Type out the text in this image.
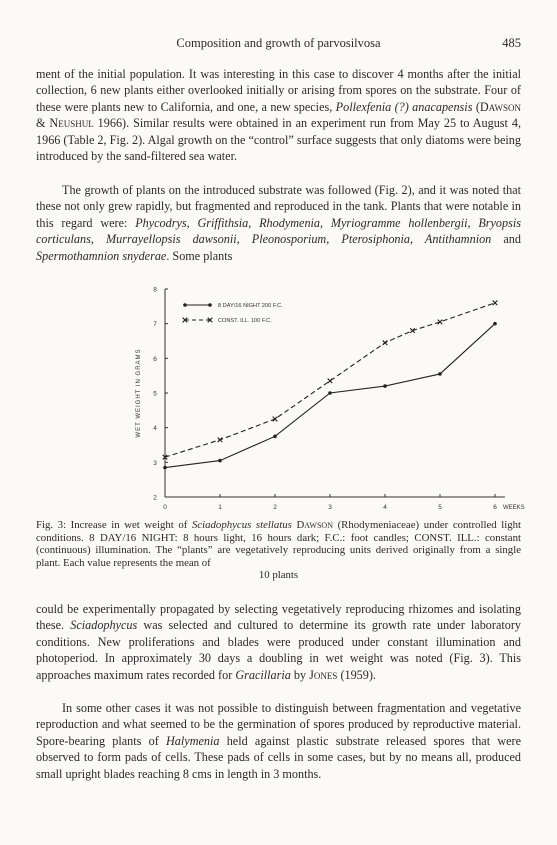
Composition and growth of parvosilvosa	485

ment of the initial population. It was interesting in this case to discover 4 months after the initial collection, 6 new plants either overlooked initially or arising from spores on the substrate. Four of these were plants new to California, and one, a new species, Pollexfenia (?) anacapensis (Dawson & Neushul 1966). Similar results were obtained in an experiment run from May 25 to August 4, 1966 (Table 2, Fig. 2). Algal growth on the “control” surface suggests that only diatoms were being introduced by the sand-filtered sea water.

The growth of plants on the introduced substrate was followed (Fig. 2), and it was noted that these not only grew rapidly, but fragmented and reproduced in the tank. Plants that were notable in this regard were: Phycodrys, Griffithsia, Rhodymenia, Myriogramme hollenbergii, Bryopsis corticulans, Murrayellopsis dawsonii, Pleonosporium, Pterosiphonia, Antithamnion and Spermothamnion snyderae. Some plants

0	1	2	3	4	5	6 WEEKS
2
3
4
5
6
7
8
WET WEIGHT IN GRAMS
8 DAY/16 NIGHT 200 F.C.
CONST. ILL. 100 F.C.

Fig. 3: Increase in wet weight of Sciadophycus stellatus Dawson (Rhodymeniaceae) under controlled light conditions. 8 DAY/16 NIGHT: 8 hours light, 16 hours dark; F.C.: foot candles; CONST. ILL.: constant (continuous) illumination. The “plants” are vegetatively reproducing units derived originally from a single plant. Each value represents the mean of
10 plants

could be experimentally propagated by selecting vegetatively reproducing rhizomes and isolating these. Sciadophycus was selected and cultured to determine its growth rate under laboratory conditions. New proliferations and blades were produced under constant illumination and photoperiod. In approximately 30 days a doubling in wet weight was noted (Fig. 3). This approaches maximum rates recorded for Gracillaria by Jones (1959).

In some other cases it was not possible to distinguish between fragmentation and vegetative reproduction and what seemed to be the germination of spores produced by reproductive material. Spore-bearing plants of Halymenia held against plastic substrate released spores that were observed to form pads of cells. These pads of cells in some cases, but by no means all, produced small upright blades reaching 8 cms in length in 3 months.
